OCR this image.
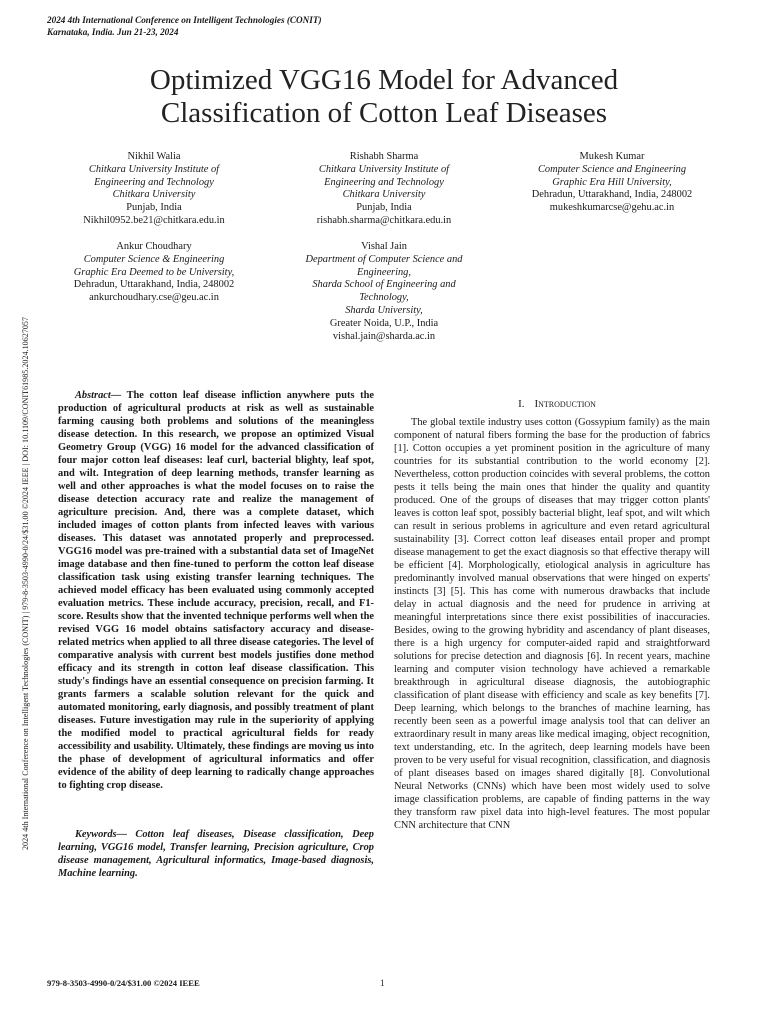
2024 4th International Conference on Intelligent Technologies (CONIT)
Karnataka, India. Jun 21-23, 2024
Optimized VGG16 Model for Advanced
Classification of Cotton Leaf Diseases
Nikhil Walia
Chitkara University Institute of
Engineering and Technology
Chitkara University
Punjab, India
Nikhil0952.be21@chitkara.edu.in
Rishabh Sharma
Chitkara University Institute of
Engineering and Technology
Chitkara University
Punjab, India
rishabh.sharma@chitkara.edu.in
Mukesh Kumar
Computer Science and Engineering
Graphic Era Hill University,
Dehradun, Uttarakhand, India, 248002
mukeshkumarcse@gehu.ac.in
Ankur Choudhary
Computer Science & Engineering
Graphic Era Deemed to be University,
Dehradun, Uttarakhand, India, 248002
ankurchoudhary.cse@geu.ac.in
Vishal Jain
Department of Computer Science and
Engineering,
Sharda School of Engineering and
Technology,
Sharda University,
Greater Noida, U.P., India
vishal.jain@sharda.ac.in
2024 4th International Conference on Intelligent Technologies (CONIT) | 979-8-3503-4990-0/24/$31.00 ©2024 IEEE | DOI: 10.1109/CONIT61985.2024.10627057	Abstract— The cotton leaf disease infliction anywhere puts the production of agricultural products at risk as well as sustainable farming causing both problems and solutions of the meaningless disease detection. In this research, we propose an optimized Visual Geometry Group (VGG) 16 model for the advanced classification of four major cotton leaf diseases: leaf curl, bacterial blighty, leaf spot, and wilt. Integration of deep learning methods, transfer learning as well and other approaches is what the model focuses on to raise the disease detection accuracy rate and realize the management of agriculture precision. And, there was a complete dataset, which included images of cotton plants from infected leaves with various diseases. This dataset was annotated properly and preprocessed. VGG16 model was pre-trained with a substantial data set of ImageNet image database and then fine-tuned to perform the cotton leaf disease classification task using existing transfer learning techniques. The achieved model efficacy has been evaluated using commonly accepted evaluation metrics. These include accuracy, precision, recall, and F1-score. Results show that the invented technique performs well when the revised VGG 16 model obtains satisfactory accuracy and disease-related metrics when applied to all three disease categories. The level of comparative analysis with current best models justifies done method efficacy and its strength in cotton leaf disease classification. This study's findings have an essential consequence on precision farming. It grants farmers a scalable solution relevant for the quick and automated monitoring, early diagnosis, and possibly treatment of plant diseases. Future investigation may rule in the superiority of applying the modified model to practical agricultural fields for ready accessibility and usability. Ultimately, these findings are moving us into the phase of development of agricultural informatics and offer evidence of the ability of deep learning to radically change approaches to fighting crop disease.
Keywords— Cotton leaf diseases, Disease classification, Deep learning, VGG16 model, Transfer learning, Precision agriculture, Crop disease management, Agricultural informatics, Image-based diagnosis, Machine learning.
I. Introduction
The global textile industry uses cotton (Gossypium family) as the main component of natural fibers forming the base for the production of fabrics [1]. Cotton occupies a yet prominent position in the agriculture of many countries for its substantial contribution to the world economy [2]. Nevertheless, cotton production coincides with several problems, the cotton pests it tells being the main ones that hinder the quality and quantity produced. One of the groups of diseases that may trigger cotton plants' leaves is cotton leaf spot, possibly bacterial blight, leaf spot, and wilt which can result in serious problems in agriculture and even retard agricultural sustainability [3]. Correct cotton leaf diseases entail proper and prompt disease management to get the exact diagnosis so that effective therapy will be efficient [4]. Morphologically, etiological analysis in agriculture has predominantly involved manual observations that were hinged on experts' instincts [3] [5]. This has come with numerous drawbacks that include delay in actual diagnosis and the need for prudence in arriving at meaningful interpretations since there exist possibilities of inaccuracies. Besides, owing to the growing hybridity and ascendancy of plant diseases, there is a high urgency for computer-aided rapid and straightforward solutions for precise detection and diagnosis [6]. In recent years, machine learning and computer vision technology have achieved a remarkable breakthrough in agricultural disease diagnosis, the autobiographic classification of plant disease with efficiency and scale as key benefits [7]. Deep learning, which belongs to the branches of machine learning, has recently been seen as a powerful image analysis tool that can deliver an extraordinary result in many areas like medical imaging, object recognition, text understanding, etc. In the agritech, deep learning models have been proven to be very useful for visual recognition, classification, and diagnosis of plant diseases based on images shared digitally [8]. Convolutional Neural Networks (CNNs) which have been most widely used to solve image classification problems, are capable of finding patterns in the way they transform raw pixel data into high-level features. The most popular CNN architecture that CNN
979-8-3503-4990-0/24/$31.00 ©2024 IEEE	1
